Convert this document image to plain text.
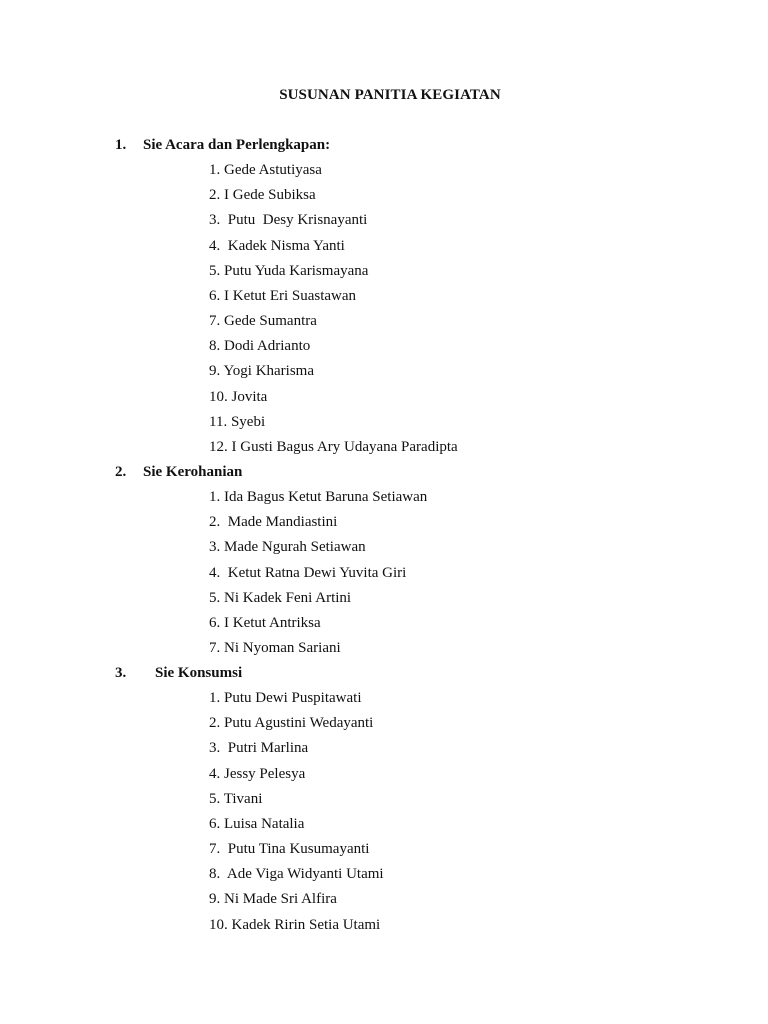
SUSUNAN PANITIA KEGIATAN
1. Sie Acara dan Perlengkapan:
1. Gede Astutiyasa
2. I Gede Subiksa
3.  Putu  Desy Krisnayanti
4.  Kadek Nisma Yanti
5. Putu Yuda Karismayana
6. I Ketut Eri Suastawan
7. Gede Sumantra
8. Dodi Adrianto
9. Yogi Kharisma
10. Jovita
11. Syebi
12. I Gusti Bagus Ary Udayana Paradipta
2. Sie Kerohanian
1. Ida Bagus Ketut Baruna Setiawan
2.  Made Mandiastini
3. Made Ngurah Setiawan
4.  Ketut Ratna Dewi Yuvita Giri
5. Ni Kadek Feni Artini
6. I Ketut Antriksa
7. Ni Nyoman Sariani
3. Sie Konsumsi
1. Putu Dewi Puspitawati
2. Putu Agustini Wedayanti
3.  Putri Marlina
4. Jessy Pelesya
5. Tivani
6. Luisa Natalia
7.  Putu Tina Kusumayanti
8.  Ade Viga Widyanti Utami
9. Ni Made Sri Alfira
10. Kadek Ririn Setia Utami
